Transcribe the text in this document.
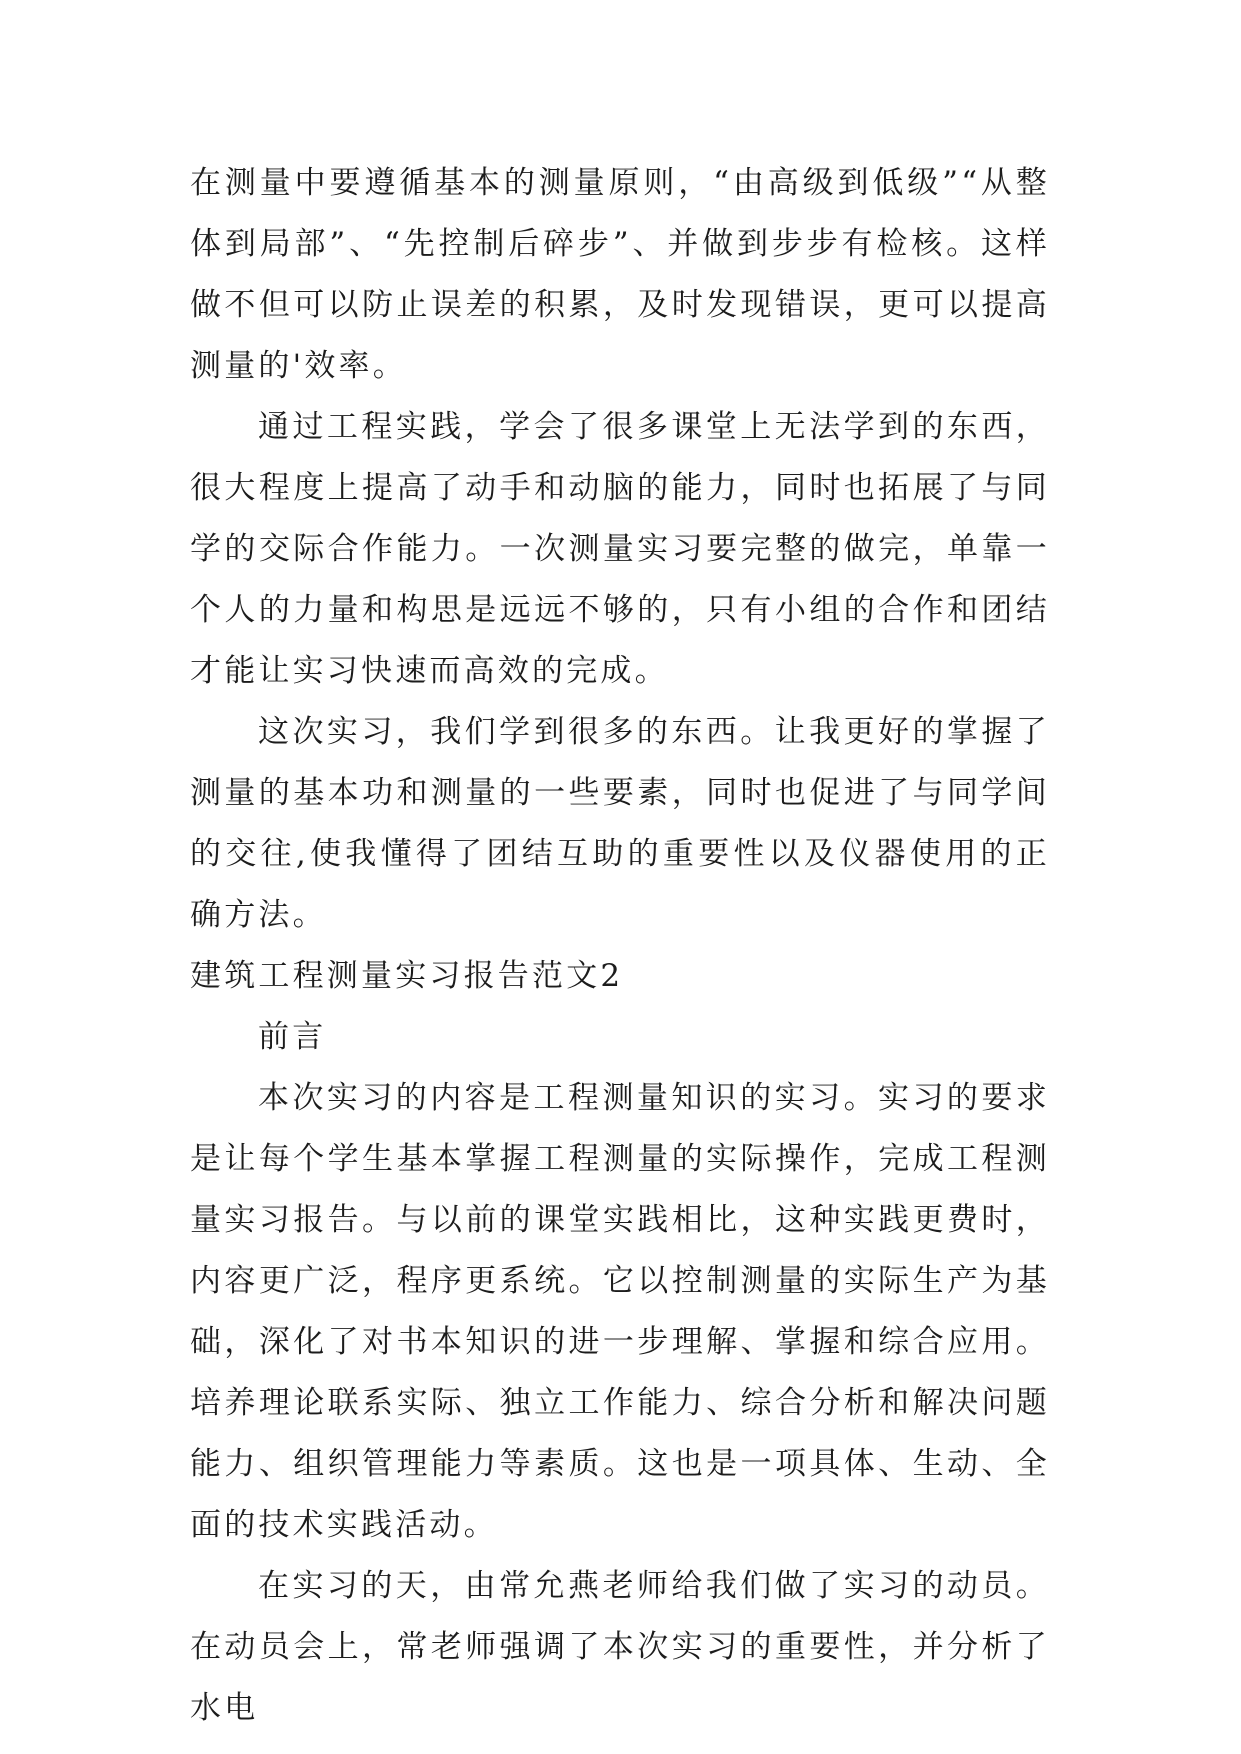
在测量中要遵循基本的测量原则，“由高级到低级”“从整体到局部”、“先控制后碎步”、并做到步步有检核。这样做不但可以防止误差的积累，及时发现错误，更可以提高测量的'效率。

通过工程实践，学会了很多课堂上无法学到的东西，很大程度上提高了动手和动脑的能力，同时也拓展了与同学的交际合作能力。一次测量实习要完整的做完，单靠一个人的力量和构思是远远不够的，只有小组的合作和团结才能让实习快速而高效的完成。

这次实习，我们学到很多的东西。让我更好的掌握了测量的基本功和测量的一些要素，同时也促进了与同学间的交往,使我懂得了团结互助的重要性以及仪器使用的正确方法。

建筑工程测量实习报告范文2

前言

本次实习的内容是工程测量知识的实习。实习的要求是让每个学生基本掌握工程测量的实际操作，完成工程测量实习报告。与以前的课堂实践相比，这种实践更费时，内容更广泛，程序更系统。它以控制测量的实际生产为基础，深化了对书本知识的进一步理解、掌握和综合应用。培养理论联系实际、独立工作能力、综合分析和解决问题能力、组织管理能力等素质。这也是一项具体、生动、全面的技术实践活动。

在实习的天，由常允燕老师给我们做了实习的动员。在动员会上，常老师强调了本次实习的重要性，并分析了水电
